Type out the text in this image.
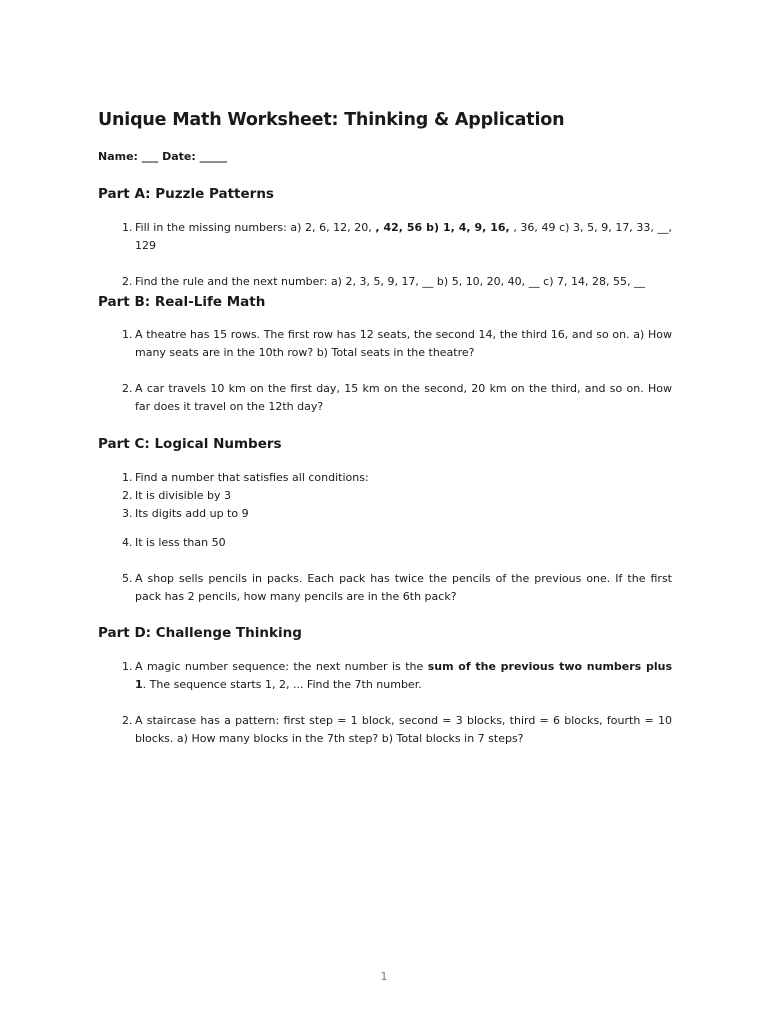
Unique Math Worksheet: Thinking & Application

Name: ___ Date: _____

Part A: Puzzle Patterns
1. Fill in the missing numbers: a) 2, 6, 12, 20, , 42, 56 b) 1, 4, 9, 16, , 36, 49 c) 3, 5, 9, 17, 33, __, 129
2. Find the rule and the next number: a) 2, 3, 5, 9, 17, __ b) 5, 10, 20, 40, __ c) 7, 14, 28, 55, __
Part B: Real-Life Math
1. A theatre has 15 rows. The first row has 12 seats, the second 14, the third 16, and so on. a) How many seats are in the 10th row? b) Total seats in the theatre?
2. A car travels 10 km on the first day, 15 km on the second, 20 km on the third, and so on. How far does it travel on the 12th day?
Part C: Logical Numbers
1. Find a number that satisfies all conditions:
2. It is divisible by 3
3. Its digits add up to 9
4. It is less than 50
5. A shop sells pencils in packs. Each pack has twice the pencils of the previous one. If the first pack has 2 pencils, how many pencils are in the 6th pack?
Part D: Challenge Thinking
1. A magic number sequence: the next number is the sum of the previous two numbers plus 1. The sequence starts 1, 2, ... Find the 7th number.
2. A staircase has a pattern: first step = 1 block, second = 3 blocks, third = 6 blocks, fourth = 10 blocks. a) How many blocks in the 7th step? b) Total blocks in 7 steps?
1
